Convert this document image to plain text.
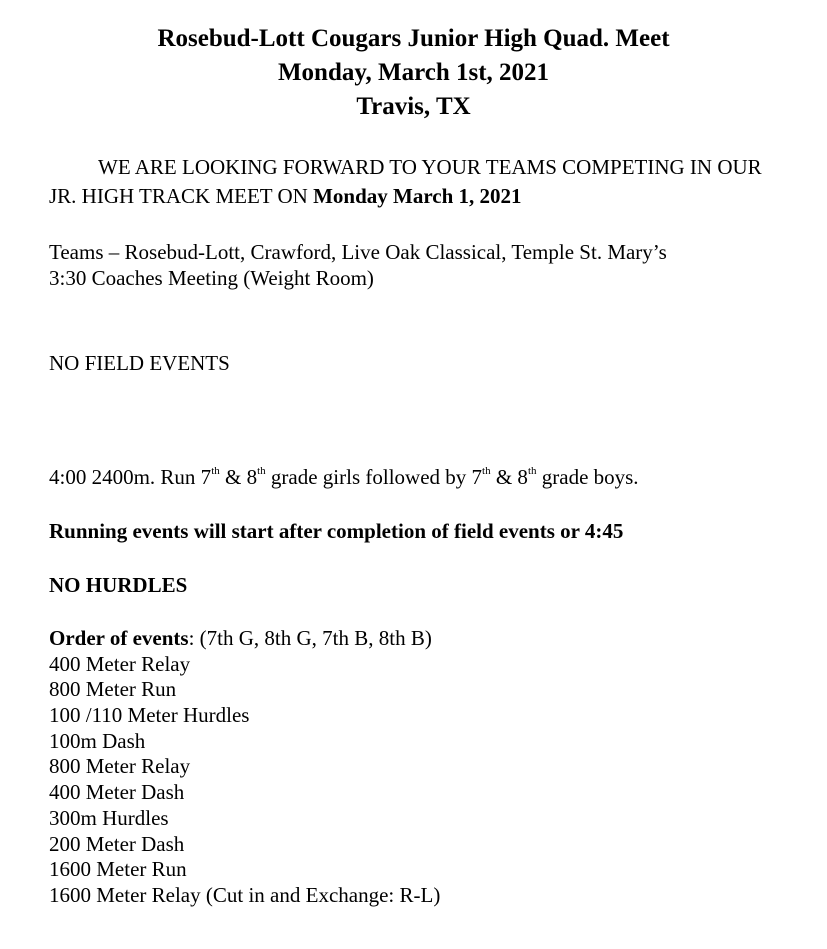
Rosebud-Lott Cougars Junior High Quad. Meet
Monday, March 1st, 2021
Travis, TX
WE ARE LOOKING FORWARD TO YOUR TEAMS COMPETING IN OUR JR. HIGH TRACK MEET ON Monday March 1, 2021
Teams – Rosebud-Lott, Crawford, Live Oak Classical, Temple St. Mary’s
3:30 Coaches Meeting (Weight Room)
NO FIELD EVENTS
4:00 2400m. Run 7th & 8th grade girls followed by 7th & 8th grade boys.
Running events will start after completion of field events or 4:45
NO HURDLES
Order of events: (7th G, 8th G, 7th B, 8th B)
400 Meter Relay
800 Meter Run
100 /110 Meter Hurdles
100m Dash
800 Meter Relay
400 Meter Dash
300m Hurdles
200 Meter Dash
1600 Meter Run
1600 Meter Relay (Cut in and Exchange: R-L)
